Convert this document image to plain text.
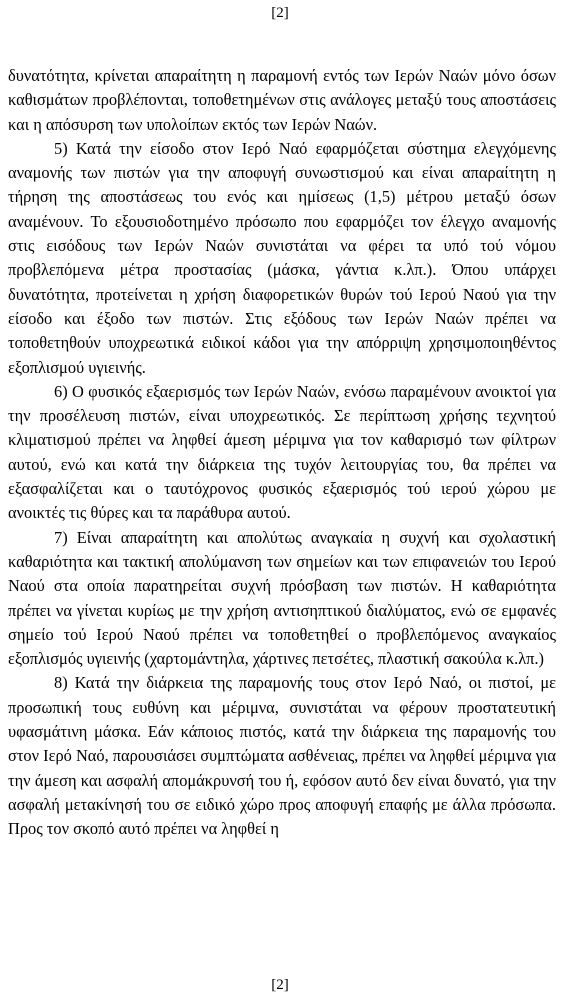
[2]

δυνατότητα, κρίνεται απαραίτητη η παραμονή εντός των Ιερών Ναών μόνο όσων καθισμάτων προβλέπονται, τοποθετημένων στις ανάλογες μεταξύ τους αποστάσεις και η απόσυρση των υπολοίπων εκτός των Ιερών Ναών.

5) Κατά την είσοδο στον Ιερό Ναό εφαρμόζεται σύστημα ελεγχόμενης αναμονής των πιστών για την αποφυγή συνωστισμού και είναι απαραίτητη η τήρηση της αποστάσεως του ενός και ημίσεως (1,5) μέτρου μεταξύ όσων αναμένουν. Το εξουσιοδοτημένο πρόσωπο που εφαρμόζει τον έλεγχο αναμονής στις εισόδους των Ιερών Ναών συνιστάται να φέρει τα υπό τού νόμου προβλεπόμενα μέτρα προστασίας (μάσκα, γάντια κ.λπ.). Όπου υπάρχει δυνατότητα, προτείνεται η χρήση διαφορετικών θυρών τού Ιερού Ναού για την είσοδο και έξοδο των πιστών. Στις εξόδους των Ιερών Ναών πρέπει να τοποθετηθούν υποχρεωτικά ειδικοί κάδοι για την απόρριψη χρησιμοποιηθέντος εξοπλισμού υγιεινής.

6) Ο φυσικός εξαερισμός των Ιερών Ναών, ενόσω παραμένουν ανοικτοί για την προσέλευση πιστών, είναι υποχρεωτικός. Σε περίπτωση χρήσης τεχνητού κλιματισμού πρέπει να ληφθεί άμεση μέριμνα για τον καθαρισμό των φίλτρων αυτού, ενώ και κατά την διάρκεια της τυχόν λειτουργίας του, θα πρέπει να εξασφαλίζεται και ο ταυτόχρονος φυσικός εξαερισμός τού ιερού χώρου με ανοικτές τις θύρες και τα παράθυρα αυτού.

7) Είναι απαραίτητη και απολύτως αναγκαία η συχνή και σχολαστική καθαριότητα και τακτική απολύμανση των σημείων και των επιφανειών του Ιερού Ναού στα οποία παρατηρείται συχνή πρόσβαση των πιστών. Η καθαριότητα πρέπει να γίνεται κυρίως με την χρήση αντισηπτικού διαλύματος, ενώ σε εμφανές σημείο τού Ιερού Ναού πρέπει να τοποθετηθεί ο προβλεπόμενος αναγκαίος εξοπλισμός υγιεινής (χαρτομάντηλα, χάρτινες πετσέτες, πλαστική σακούλα κ.λπ.)

8) Κατά την διάρκεια της παραμονής τους στον Ιερό Ναό, οι πιστοί, με προσωπική τους ευθύνη και μέριμνα, συνιστάται να φέρουν προστατευτική υφασμάτινη μάσκα. Εάν κάποιος πιστός, κατά την διάρκεια της παραμονής του στον Ιερό Ναό, παρουσιάσει συμπτώματα ασθένειας, πρέπει να ληφθεί μέριμνα για την άμεση και ασφαλή απομάκρυνσή του ή, εφόσον αυτό δεν είναι δυνατό, για την ασφαλή μετακίνησή του σε ειδικό χώρο προς αποφυγή επαφής με άλλα πρόσωπα. Προς τον σκοπό αυτό πρέπει να ληφθεί η

[2]
